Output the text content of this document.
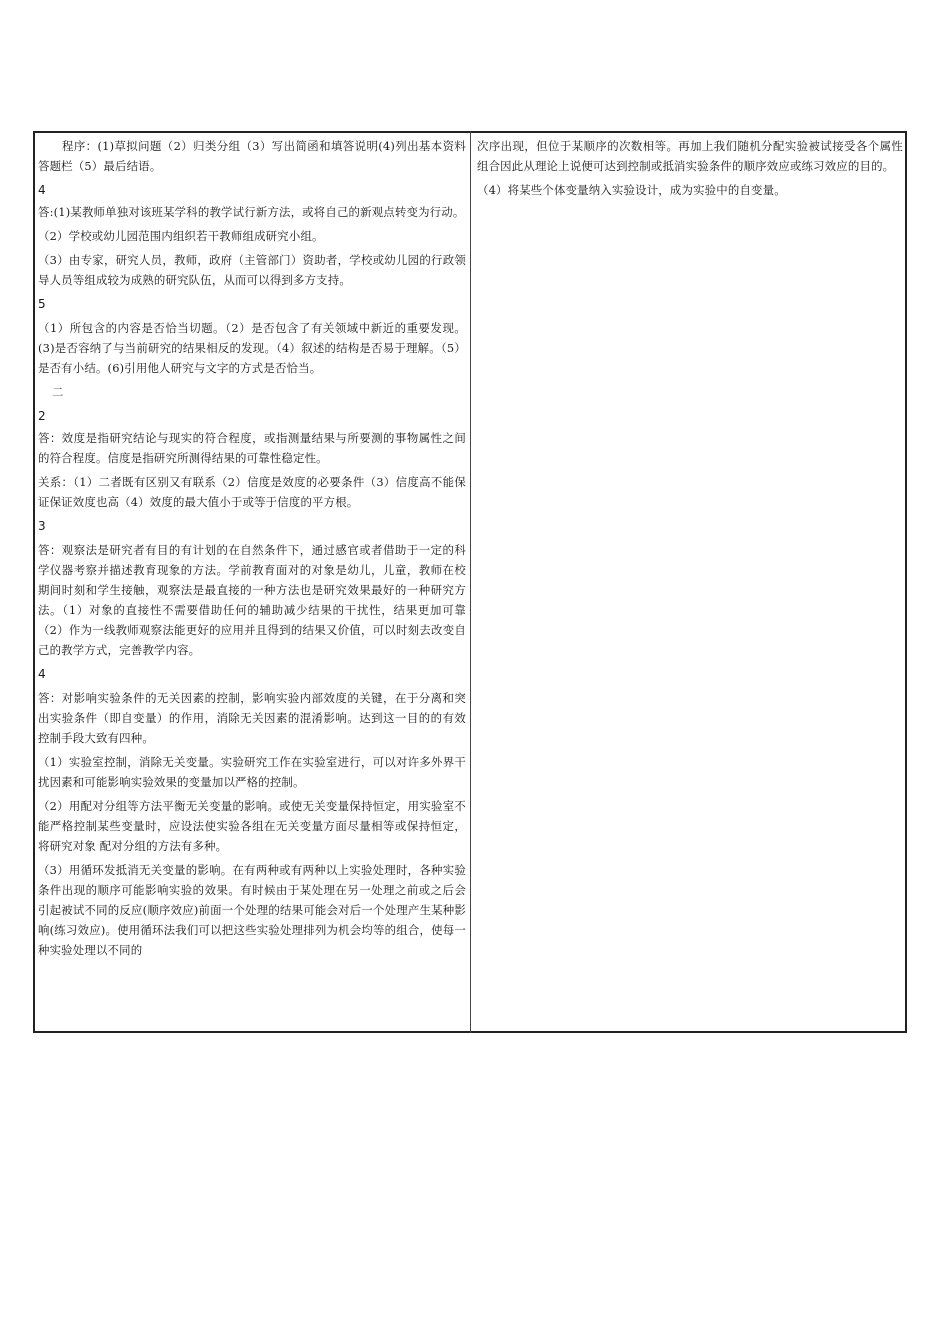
程序：(1)草拟问题（2）归类分组（3）写出简函和填答说明(4)列出基本资料答题栏（5）最后结语。

4

答:(1)某教师单独对该班某学科的教学试行新方法，或将自己的新观点转变为行动。

（2）学校或幼儿园范围内组织若干教师组成研究小组。

（3）由专家，研究人员，教师，政府（主管部门）资助者，学校或幼儿园的行政领导人员等组成较为成熟的研究队伍，从而可以得到多方支持。

5

（1）所包含的内容是否恰当切题。（2）是否包含了有关领域中新近的重要发现。(3)是否容纳了与当前研究的结果相反的发现。（4）叙述的结构是否易于理解。（5）是否有小结。(6)引用他人研究与文字的方式是否恰当。

二

2

答：效度是指研究结论与现实的符合程度，或指测量结果与所要测的事物属性之间的符合程度。信度是指研究所测得结果的可靠性稳定性。

关系：（1）二者既有区别又有联系（2）信度是效度的必要条件（3）信度高不能保证保证效度也高（4）效度的最大值小于或等于信度的平方根。

3

答：观察法是研究者有目的有计划的在自然条件下，通过感官或者借助于一定的科学仪器考察并描述教育现象的方法。学前教育面对的对象是幼儿，儿童，教师在校期间时刻和学生接触，观察法是最直接的一种方法也是研究效果最好的一种研究方法。（1）对象的直接性不需要借助任何的辅助减少结果的干扰性，结果更加可靠（2）作为一线教师观察法能更好的应用并且得到的结果又价值，可以时刻去改变自己的教学方式，完善教学内容。

4

答：对影响实验条件的无关因素的控制，影响实验内部效度的关键，在于分离和突出实验条件（即自变量）的作用，消除无关因素的混淆影响。达到这一目的的有效控制手段大致有四种。

（1）实验室控制，消除无关变量。实验研究工作在实验室进行，可以对许多外界干扰因素和可能影响实验效果的变量加以严格的控制。

（2）用配对分组等方法平衡无关变量的影响。或使无关变量保持恒定，用实验室不能严格控制某些变量时，应设法使实验各组在无关变量方面尽量相等或保持恒定，将研究对象 配对分组的方法有多种。

（3）用循环发抵消无关变量的影响。在有两种或有两种以上实验处理时，各种实验条件出现的顺序可能影响实验的效果。有时候由于某处理在另一处理之前或之后会引起被试不同的反应(顺序效应)前面一个处理的结果可能会对后一个处理产生某种影响(练习效应)。使用循环法我们可以把这些实验处理排列为机会均等的组合，使每一种实验处理以不同的

次序出现，但位于某顺序的次数相等。再加上我们随机分配实验被试接受各个属性组合因此从理论上说便可达到控制或抵消实验条件的顺序效应或练习效应的目的。

（4）将某些个体变量纳入实验设计，成为实验中的自变量。
